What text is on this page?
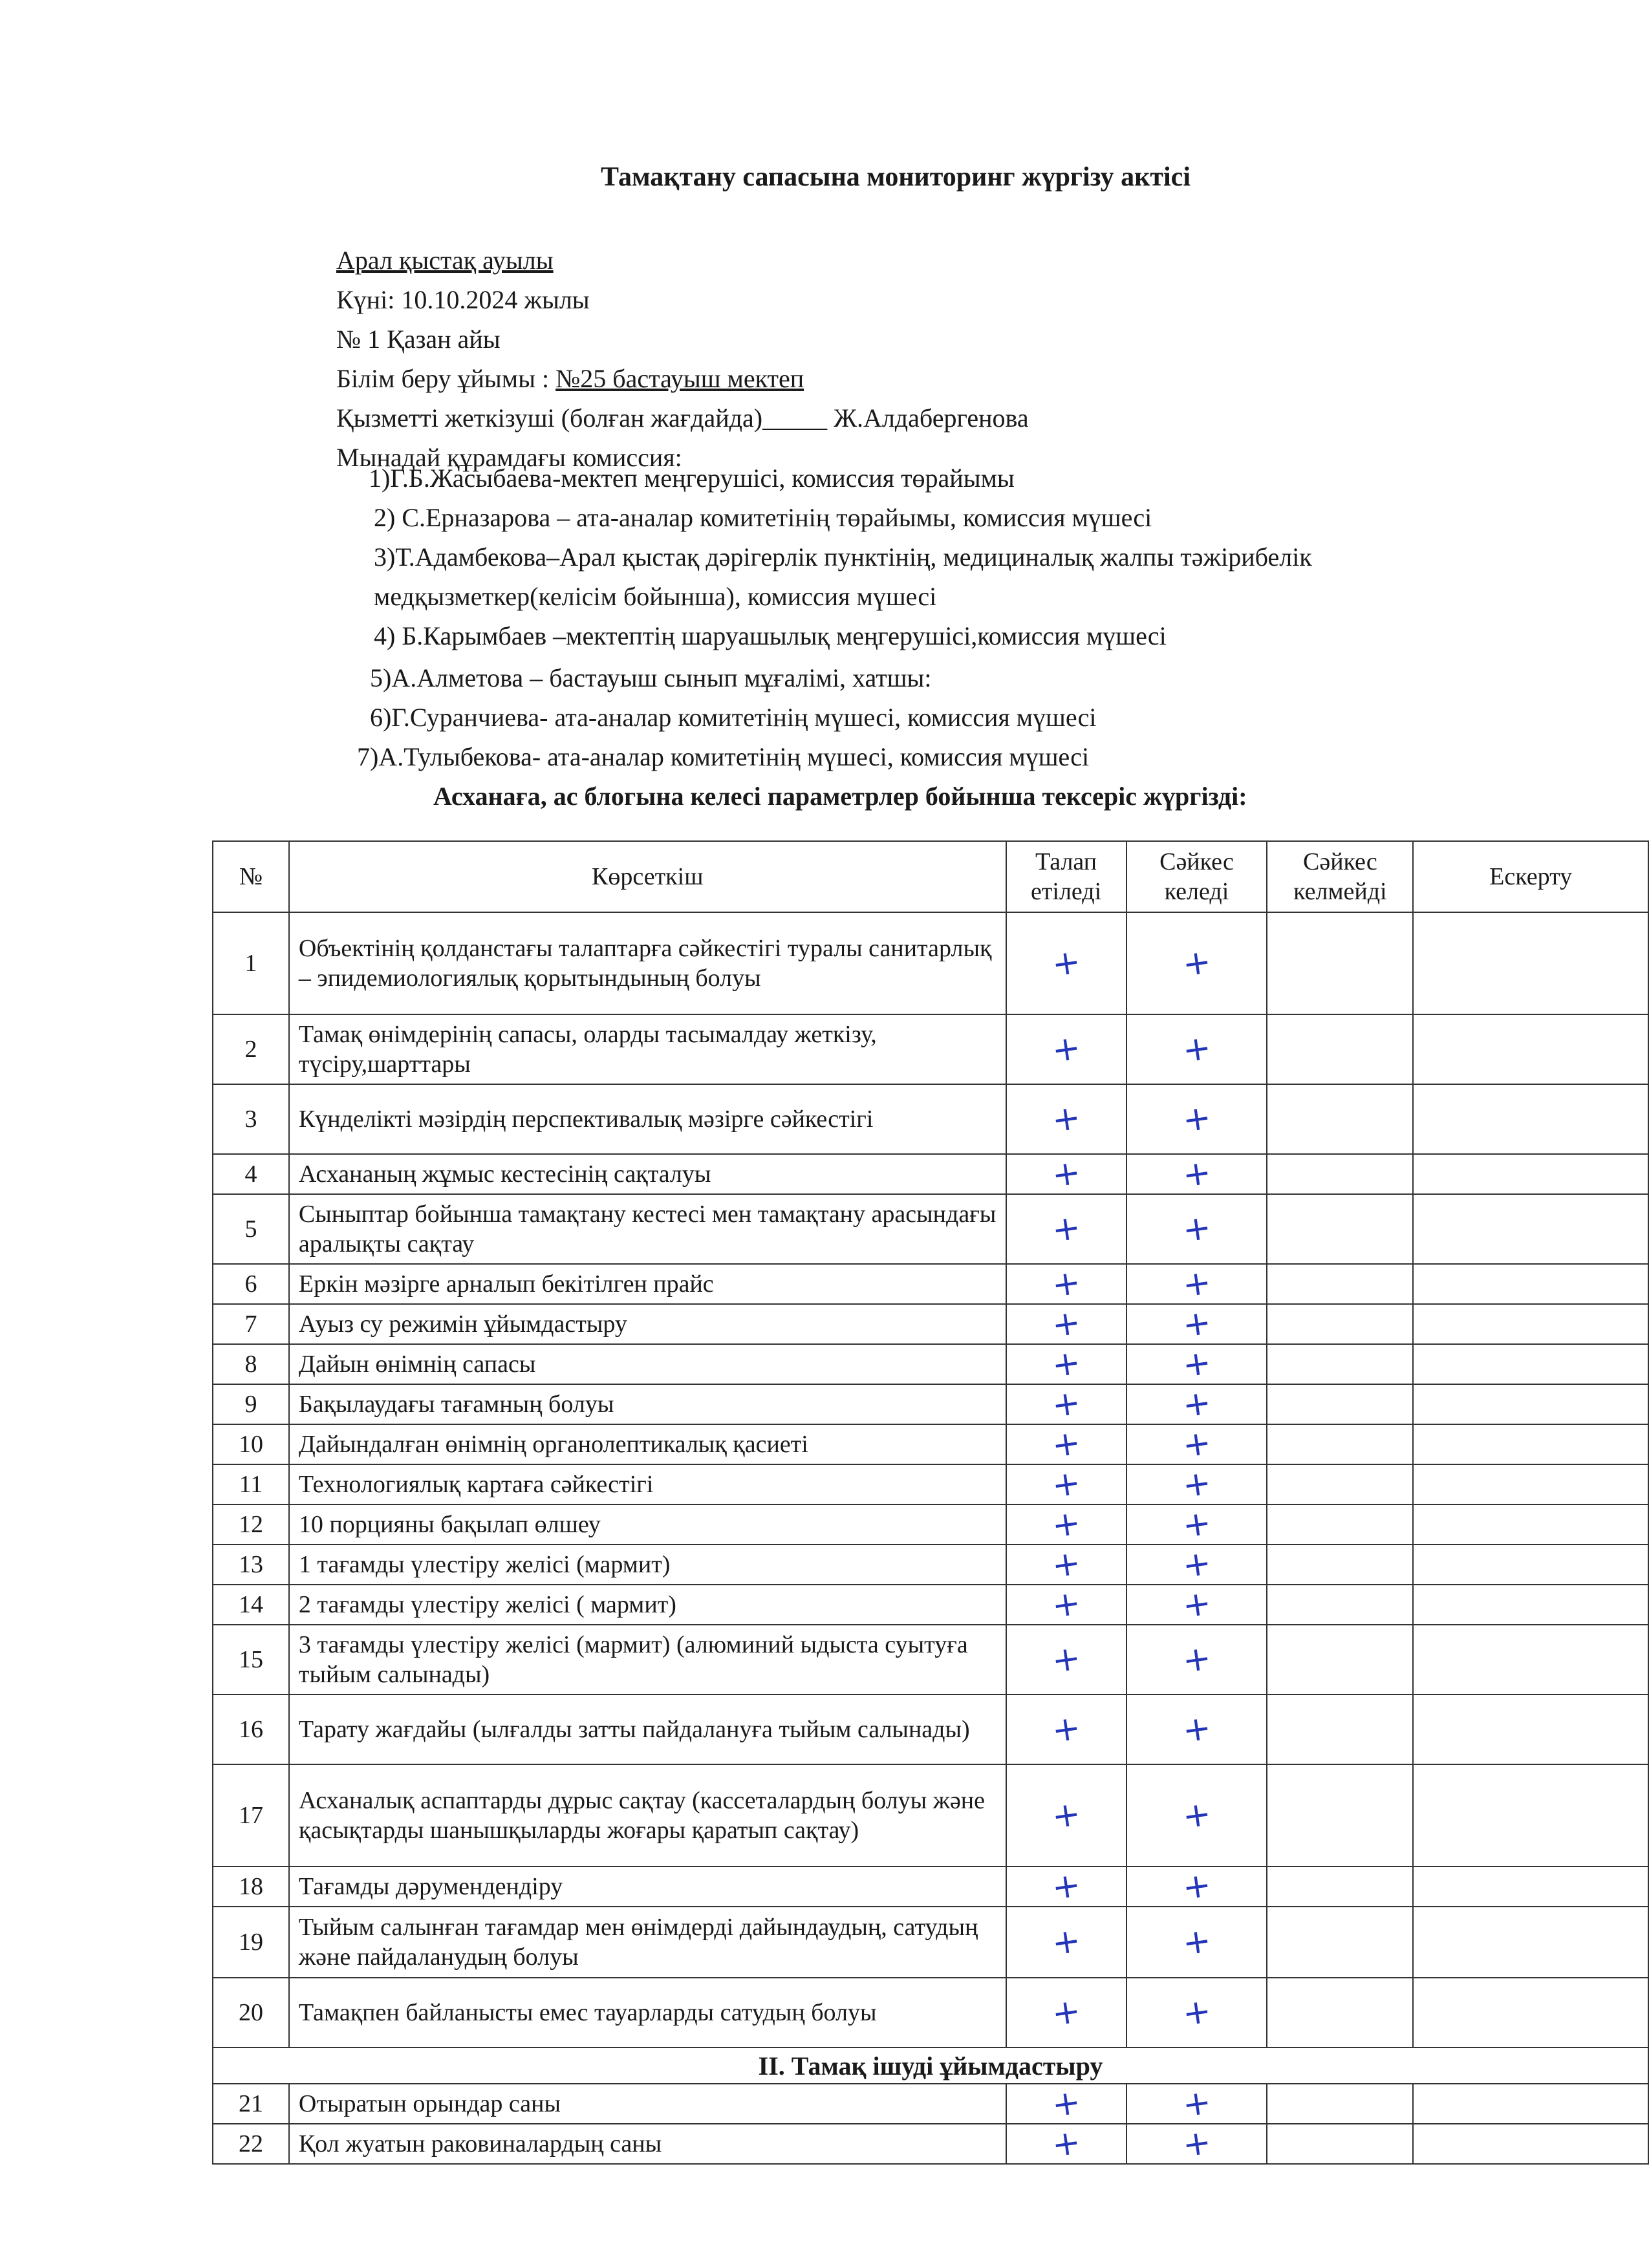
Тамақтану сапасына мониторинг жүргізу актісі
Арал қыстақ ауылы
Күні: 10.10.2024 жылы
№ 1 Қазан айы
Білім беру ұйымы : №25 бастауыш мектеп
Қызметті жеткізуші (болған жағдайда)_____ Ж.Алдабергенова
Мынадай құрамдағы комиссия:
1)Г.Б.Жасыбаева-мектеп меңгерушісі, комиссия төрайымы
2) С.Ерназарова – ата-аналар комитетінің төрайымы, комиссия мүшесі
3)Т.Адамбекова–Арал қыстақ дәрігерлік пунктінің, медициналық жалпы тәжірибелік
медқызметкер(келісім бойынша), комиссия мүшесі
4) Б.Карымбаев –мектептің шаруашылық меңгерушісі,комиссия мүшесі
5)А.Алметова – бастауыш сынып мұғалімі, хатшы:
6)Г.Суранчиева- ата-аналар комитетінің мүшесі, комиссия мүшесі
7)А.Тулыбекова- ата-аналар комитетінің мүшесі, комиссия мүшесі
Асханаға, ас блогына келесі параметрлер бойынша тексеріс жүргізді:
№	Көрсеткіш	Талап етіледі	Сәйкес келеді	Сәйкес келмейді	Ескерту
1	Объектінің қолданстағы талаптарға сәйкестігі туралы санитарлық – эпидемиологиялық қорытындының болуы	+	+		
2	Тамақ өнімдерінің сапасы, оларды тасымалдау жеткізу, түсіру,шарттары	+	+		
3	Күнделікті мәзірдің перспективалық мәзірге сәйкестігі	+	+		
4	Асхананың жұмыс кестесінің сақталуы	+	+		
5	Сыныптар бойынша тамақтану кестесі мен тамақтану арасындағы аралықты сақтау	+	+		
6	Еркін мәзірге арналып бекітілген прайс	+	+		
7	Ауыз су режимін ұйымдастыру	+	+		
8	Дайын өнімнің сапасы	+	+		
9	Бақылаудағы тағамның болуы	+	+		
10	Дайындалған өнімнің органолептикалық қасиеті	+	+		
11	Технологиялық картаға сәйкестігі	+	+		
12	10 порцияны бақылап өлшеу	+	+		
13	1 тағамды үлестіру желісі (мармит)	+	+		
14	2 тағамды үлестіру желісі ( мармит)	+	+		
15	3 тағамды үлестіру желісі (мармит) (алюминий ыдыста суытуға тыйым салынады)	+	+		
16	Тарату жағдайы (ылғалды затты пайдалануға тыйым салынады)	+	+		
17	Асханалық аспаптарды дұрыс сақтау (кассеталардың болуы және қасықтарды шанышқыларды жоғары қаратып сақтау)	+	+		
18	Тағамды дәрумендендіру	+	+		
19	Тыйым салынған тағамдар мен өнімдерді дайындаудың, сатудың және пайдаланудың болуы	+	+		
20	Тамақпен байланысты емес тауарларды сатудың болуы	+	+		
II. Тамақ ішуді ұйымдастыру					
21	Отыратын орындар саны	+	+		
22	Қол жуатын раковиналардың саны	+	+		
